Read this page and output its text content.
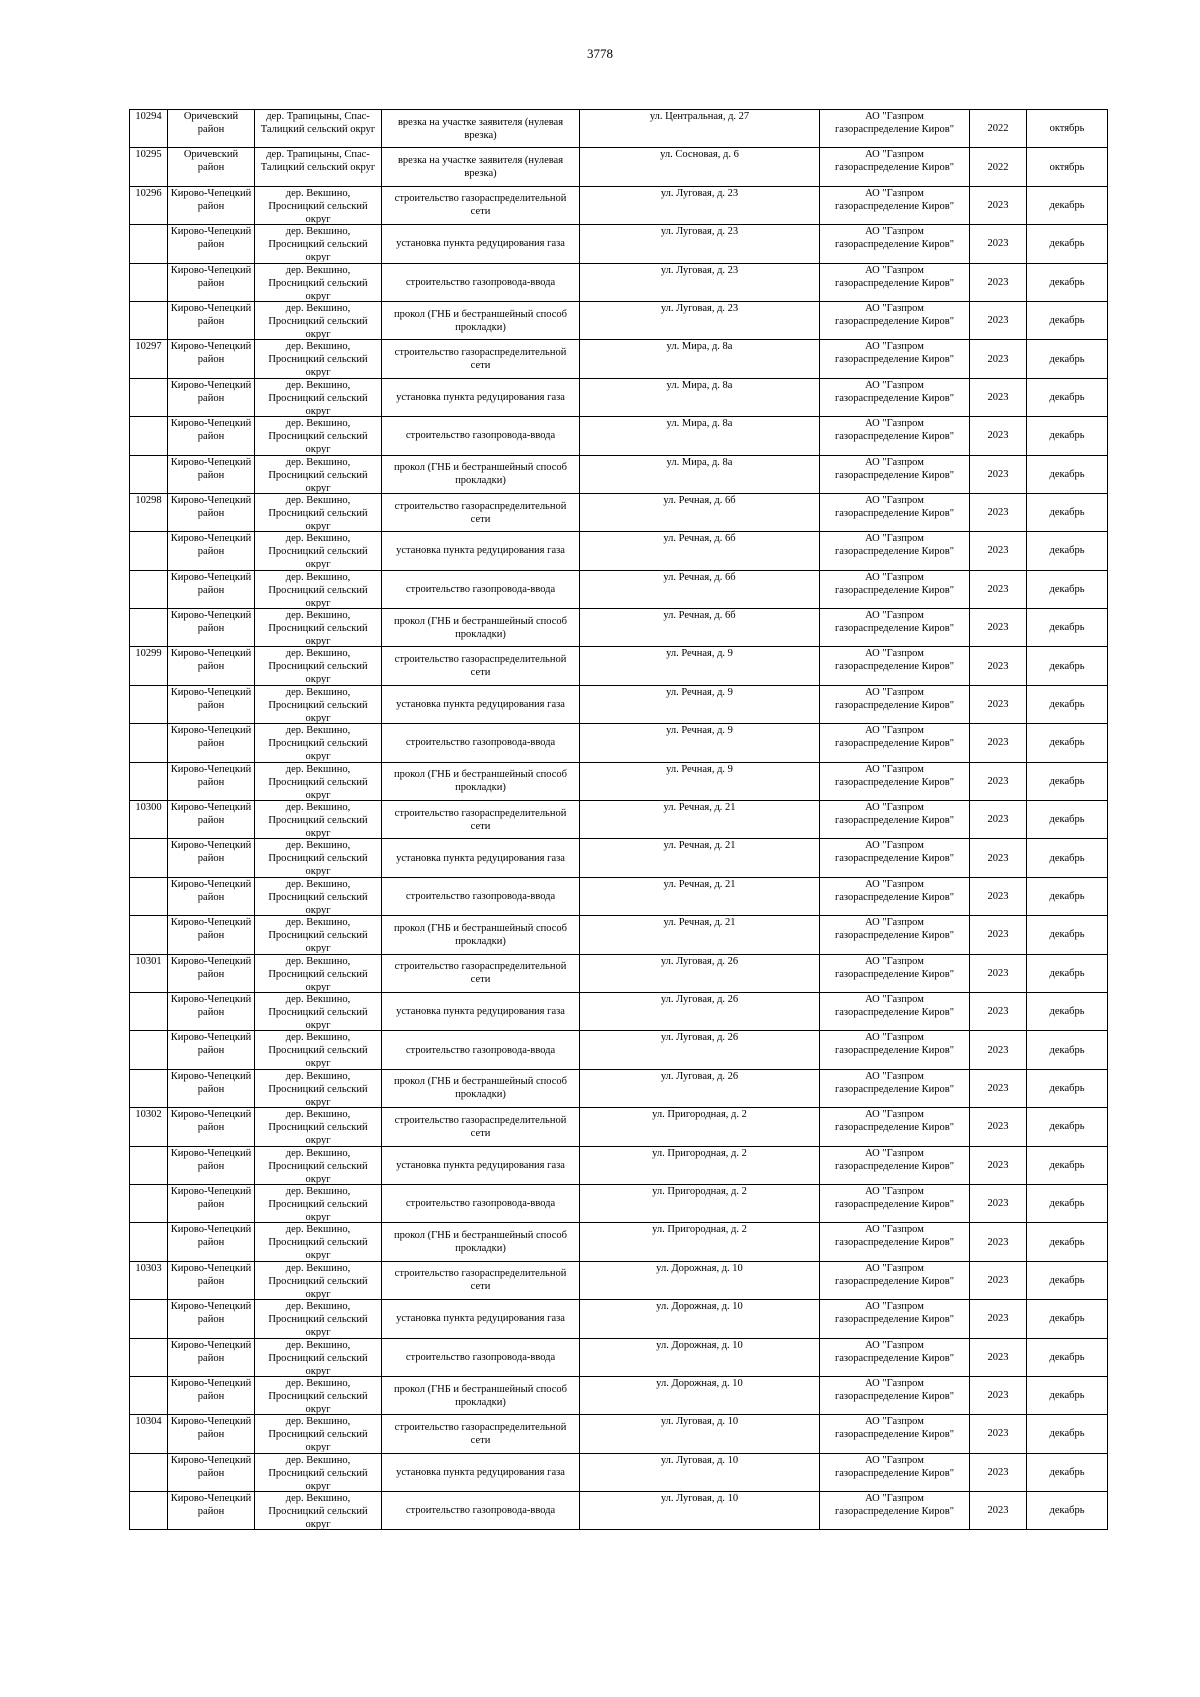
3778
10294	Оричевский район	дер. Трапицыны, Спас-Талицкий сельский округ	врезка на участке заявителя (нулевая врезка)	ул. Центральная, д. 27	АО "Газпром газораспределение Киров"	2022	октябрь

10295	Оричевский район	дер. Трапицыны, Спас-Талицкий сельский округ	врезка на участке заявителя (нулевая врезка)	ул. Сосновая, д. 6	АО "Газпром газораспределение Киров"	2022	октябрь

10296	Кирово-Чепецкий район	дер. Векшино, Просницкий сельский округ	строительство газораспределительной сети	ул. Луговая, д. 23	АО "Газпром газораспределение Киров"	2023	декабрь

	Кирово-Чепецкий район	дер. Векшино, Просницкий сельский округ	установка пункта редуцирования газа	ул. Луговая, д. 23	АО "Газпром газораспределение Киров"	2023	декабрь

	Кирово-Чепецкий район	дер. Векшино, Просницкий сельский округ	строительство газопровода-ввода	ул. Луговая, д. 23	АО "Газпром газораспределение Киров"	2023	декабрь

	Кирово-Чепецкий район	дер. Векшино, Просницкий сельский округ	прокол (ГНБ и бестраншейный способ прокладки)	ул. Луговая, д. 23	АО "Газпром газораспределение Киров"	2023	декабрь

10297	Кирово-Чепецкий район	дер. Векшино, Просницкий сельский округ	строительство газораспределительной сети	ул. Мира, д. 8а	АО "Газпром газораспределение Киров"	2023	декабрь

	Кирово-Чепецкий район	дер. Векшино, Просницкий сельский округ	установка пункта редуцирования газа	ул. Мира, д. 8а	АО "Газпром газораспределение Киров"	2023	декабрь

	Кирово-Чепецкий район	дер. Векшино, Просницкий сельский округ	строительство газопровода-ввода	ул. Мира, д. 8а	АО "Газпром газораспределение Киров"	2023	декабрь

	Кирово-Чепецкий район	дер. Векшино, Просницкий сельский округ	прокол (ГНБ и бестраншейный способ прокладки)	ул. Мира, д. 8а	АО "Газпром газораспределение Киров"	2023	декабрь

10298	Кирово-Чепецкий район	дер. Векшино, Просницкий сельский округ	строительство газораспределительной сети	ул. Речная, д. 6б	АО "Газпром газораспределение Киров"	2023	декабрь

	Кирово-Чепецкий район	дер. Векшино, Просницкий сельский округ	установка пункта редуцирования газа	ул. Речная, д. 6б	АО "Газпром газораспределение Киров"	2023	декабрь

	Кирово-Чепецкий район	дер. Векшино, Просницкий сельский округ	строительство газопровода-ввода	ул. Речная, д. 6б	АО "Газпром газораспределение Киров"	2023	декабрь

	Кирово-Чепецкий район	дер. Векшино, Просницкий сельский округ	прокол (ГНБ и бестраншейный способ прокладки)	ул. Речная, д. 6б	АО "Газпром газораспределение Киров"	2023	декабрь

10299	Кирово-Чепецкий район	дер. Векшино, Просницкий сельский округ	строительство газораспределительной сети	ул. Речная, д. 9	АО "Газпром газораспределение Киров"	2023	декабрь

	Кирово-Чепецкий район	дер. Векшино, Просницкий сельский округ	установка пункта редуцирования газа	ул. Речная, д. 9	АО "Газпром газораспределение Киров"	2023	декабрь

	Кирово-Чепецкий район	дер. Векшино, Просницкий сельский округ	строительство газопровода-ввода	ул. Речная, д. 9	АО "Газпром газораспределение Киров"	2023	декабрь

	Кирово-Чепецкий район	дер. Векшино, Просницкий сельский округ	прокол (ГНБ и бестраншейный способ прокладки)	ул. Речная, д. 9	АО "Газпром газораспределение Киров"	2023	декабрь

10300	Кирово-Чепецкий район	дер. Векшино, Просницкий сельский округ	строительство газораспределительной сети	ул. Речная, д. 21	АО "Газпром газораспределение Киров"	2023	декабрь

	Кирово-Чепецкий район	дер. Векшино, Просницкий сельский округ	установка пункта редуцирования газа	ул. Речная, д. 21	АО "Газпром газораспределение Киров"	2023	декабрь

	Кирово-Чепецкий район	дер. Векшино, Просницкий сельский округ	строительство газопровода-ввода	ул. Речная, д. 21	АО "Газпром газораспределение Киров"	2023	декабрь

	Кирово-Чепецкий район	дер. Векшино, Просницкий сельский округ	прокол (ГНБ и бестраншейный способ прокладки)	ул. Речная, д. 21	АО "Газпром газораспределение Киров"	2023	декабрь

10301	Кирово-Чепецкий район	дер. Векшино, Просницкий сельский округ	строительство газораспределительной сети	ул. Луговая, д. 26	АО "Газпром газораспределение Киров"	2023	декабрь

	Кирово-Чепецкий район	дер. Векшино, Просницкий сельский округ	установка пункта редуцирования газа	ул. Луговая, д. 26	АО "Газпром газораспределение Киров"	2023	декабрь

	Кирово-Чепецкий район	дер. Векшино, Просницкий сельский округ	строительство газопровода-ввода	ул. Луговая, д. 26	АО "Газпром газораспределение Киров"	2023	декабрь

	Кирово-Чепецкий район	дер. Векшино, Просницкий сельский округ	прокол (ГНБ и бестраншейный способ прокладки)	ул. Луговая, д. 26	АО "Газпром газораспределение Киров"	2023	декабрь

10302	Кирово-Чепецкий район	дер. Векшино, Просницкий сельский округ	строительство газораспределительной сети	ул. Пригородная, д. 2	АО "Газпром газораспределение Киров"	2023	декабрь

	Кирово-Чепецкий район	дер. Векшино, Просницкий сельский округ	установка пункта редуцирования газа	ул. Пригородная, д. 2	АО "Газпром газораспределение Киров"	2023	декабрь

	Кирово-Чепецкий район	дер. Векшино, Просницкий сельский округ	строительство газопровода-ввода	ул. Пригородная, д. 2	АО "Газпром газораспределение Киров"	2023	декабрь

	Кирово-Чепецкий район	дер. Векшино, Просницкий сельский округ	прокол (ГНБ и бестраншейный способ прокладки)	ул. Пригородная, д. 2	АО "Газпром газораспределение Киров"	2023	декабрь

10303	Кирово-Чепецкий район	дер. Векшино, Просницкий сельский округ	строительство газораспределительной сети	ул. Дорожная, д. 10	АО "Газпром газораспределение Киров"	2023	декабрь

	Кирово-Чепецкий район	дер. Векшино, Просницкий сельский округ	установка пункта редуцирования газа	ул. Дорожная, д. 10	АО "Газпром газораспределение Киров"	2023	декабрь

	Кирово-Чепецкий район	дер. Векшино, Просницкий сельский округ	строительство газопровода-ввода	ул. Дорожная, д. 10	АО "Газпром газораспределение Киров"	2023	декабрь

	Кирово-Чепецкий район	дер. Векшино, Просницкий сельский округ	прокол (ГНБ и бестраншейный способ прокладки)	ул. Дорожная, д. 10	АО "Газпром газораспределение Киров"	2023	декабрь

10304	Кирово-Чепецкий район	дер. Векшино, Просницкий сельский округ	строительство газораспределительной сети	ул. Луговая, д. 10	АО "Газпром газораспределение Киров"	2023	декабрь

	Кирово-Чепецкий район	дер. Векшино, Просницкий сельский округ	установка пункта редуцирования газа	ул. Луговая, д. 10	АО "Газпром газораспределение Киров"	2023	декабрь

	Кирово-Чепецкий район	дер. Векшино, Просницкий сельский округ	строительство газопровода-ввода	ул. Луговая, д. 10	АО "Газпром газораспределение Киров"	2023	декабрь
